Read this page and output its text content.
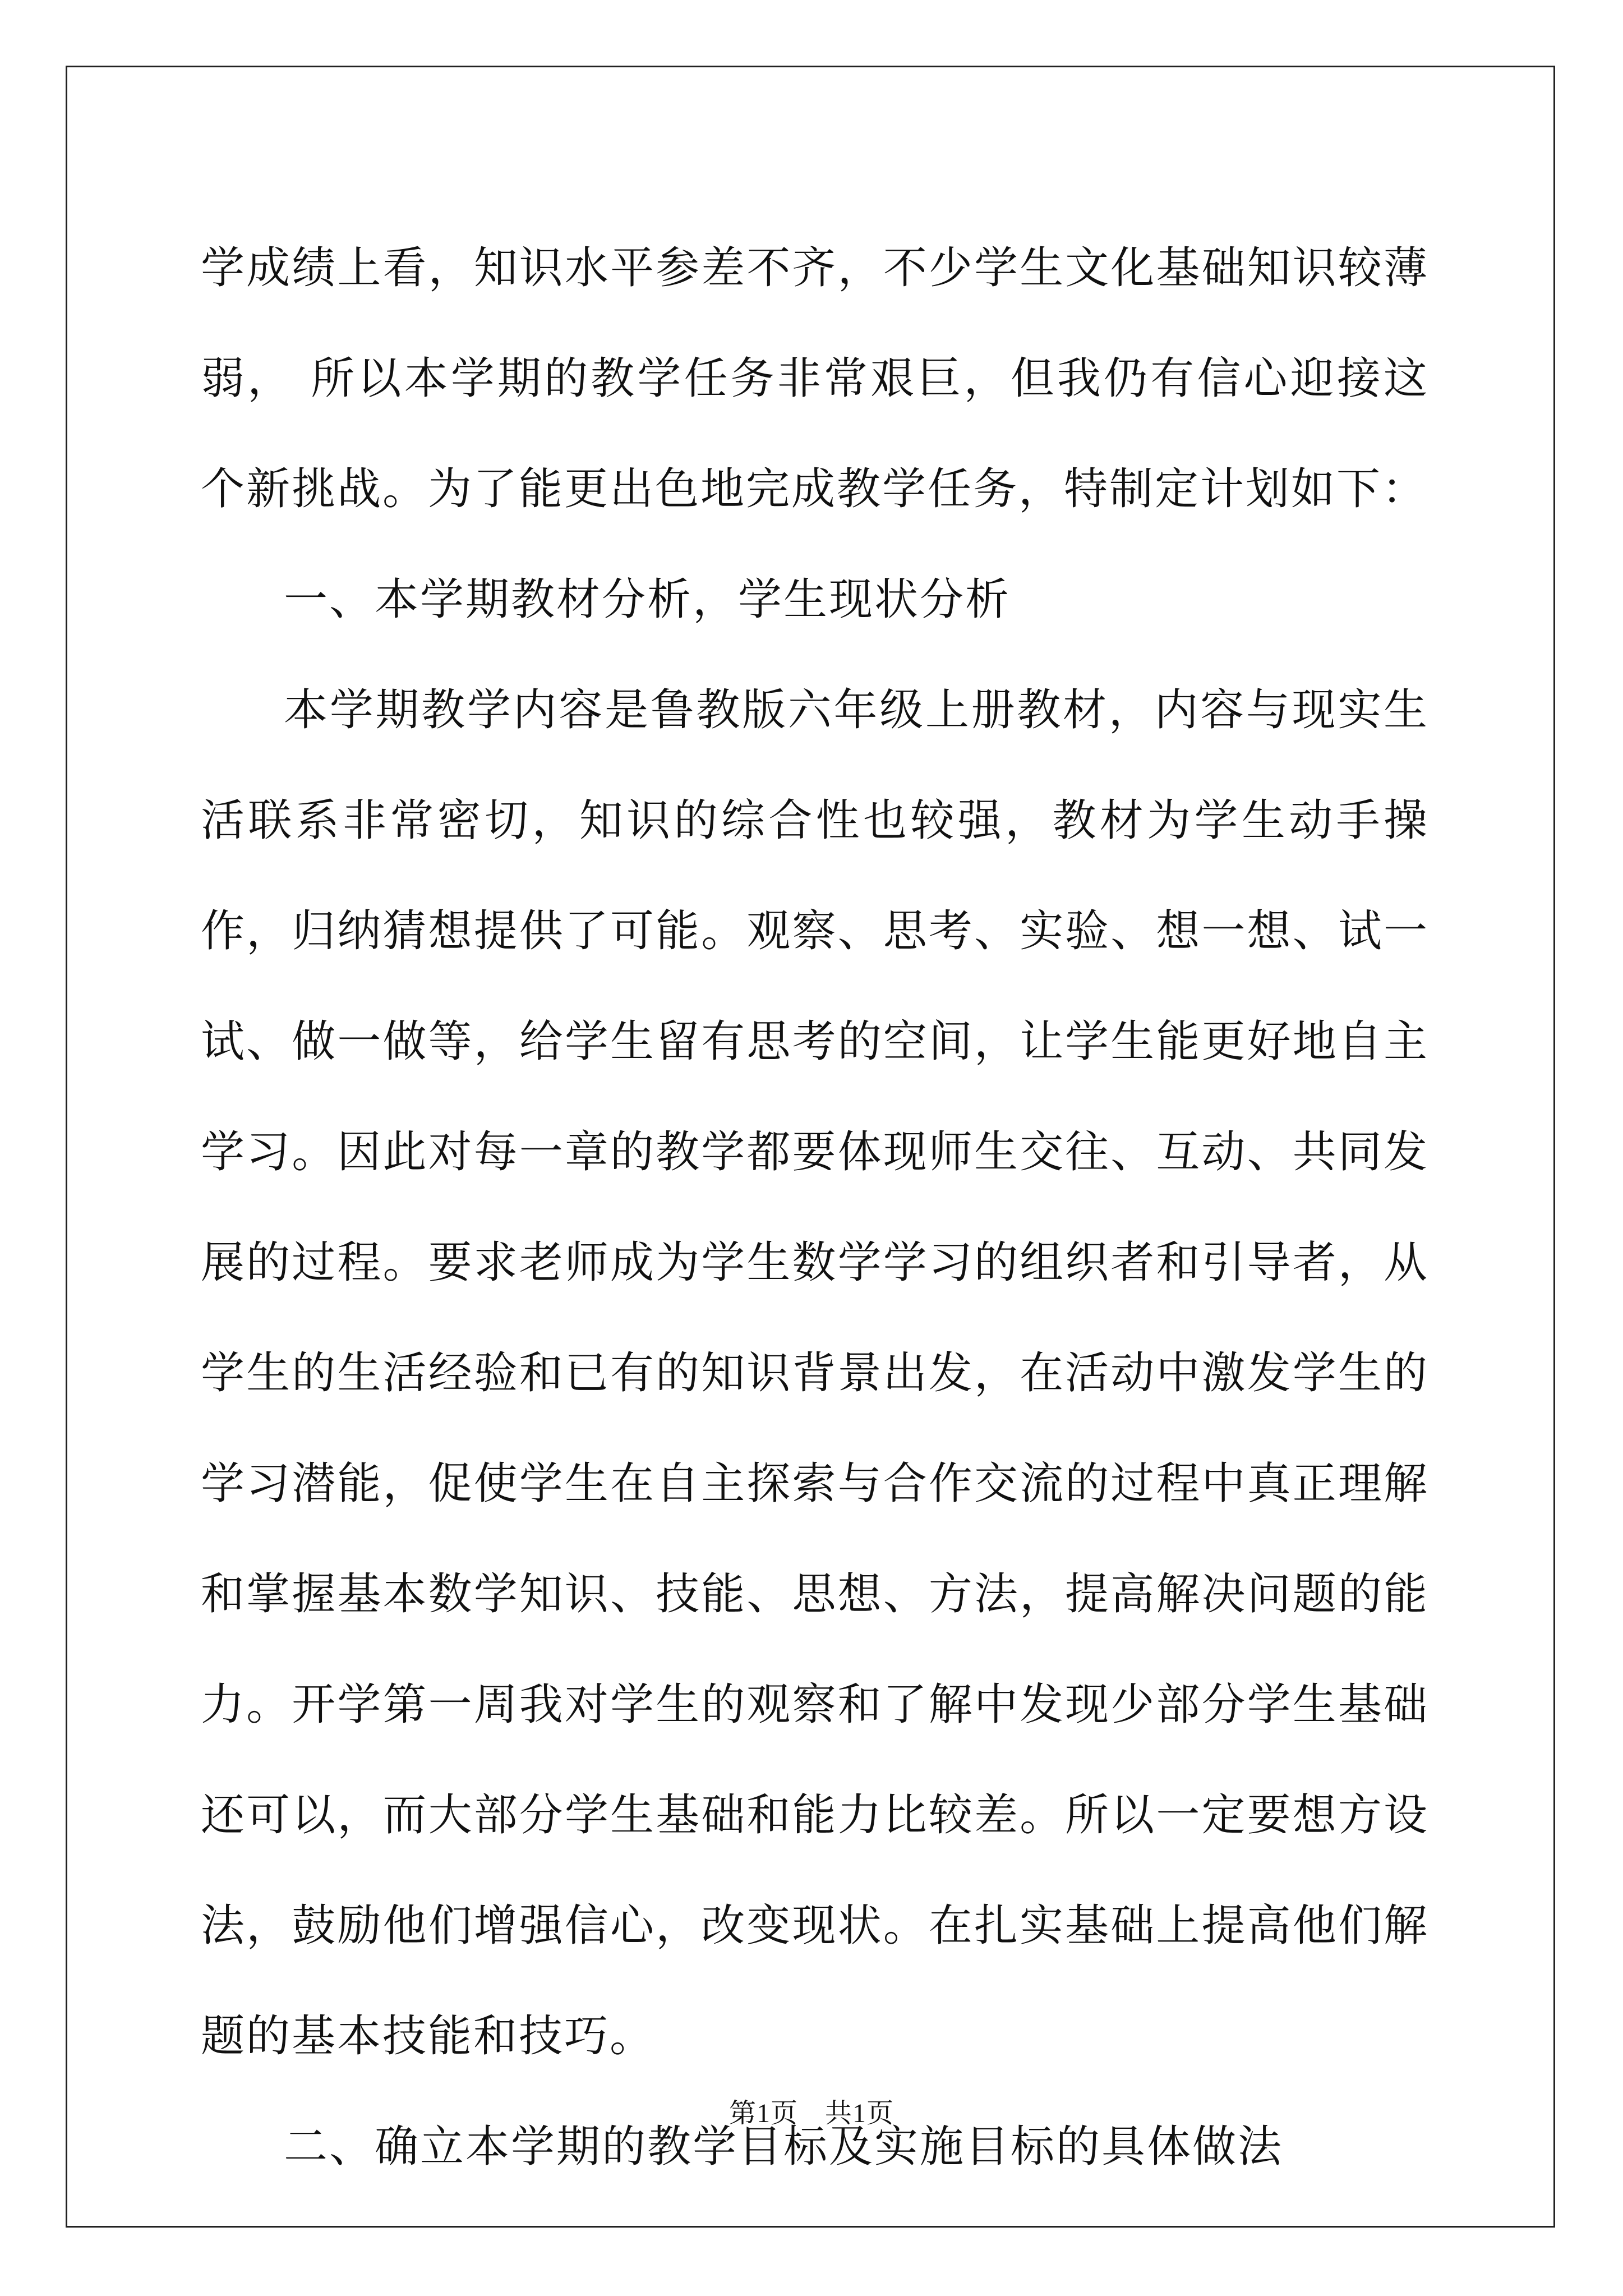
学成绩上看，知识水平参差不齐，不少学生文化基础知识较薄弱， 所以本学期的教学任务非常艰巨，但我仍有信心迎接这个新挑战。为了能更出色地完成教学任务，特制定计划如下：

一、本学期教材分析，学生现状分析

本学期教学内容是鲁教版六年级上册教材，内容与现实生活联系非常密切，知识的综合性也较强，教材为学生动手操作，归纳猜想提供了可能。观察、思考、实验、想一想、试一试、做一做等，给学生留有思考的空间，让学生能更好地自主学习。因此对每一章的教学都要体现师生交往、互动、共同发展的过程。要求老师成为学生数学学习的组织者和引导者，从学生的生活经验和已有的知识背景出发，在活动中激发学生的学习潜能，促使学生在自主探索与合作交流的过程中真正理解和掌握基本数学知识、技能、思想、方法，提高解决问题的能力。开学第一周我对学生的观察和了解中发现少部分学生基础还可以，而大部分学生基础和能力比较差。所以一定要想方设法，鼓励他们增强信心，改变现状。在扎实基础上提高他们解题的基本技能和技巧。

二、确立本学期的教学目标及实施目标的具体做法

第1页 共1页
